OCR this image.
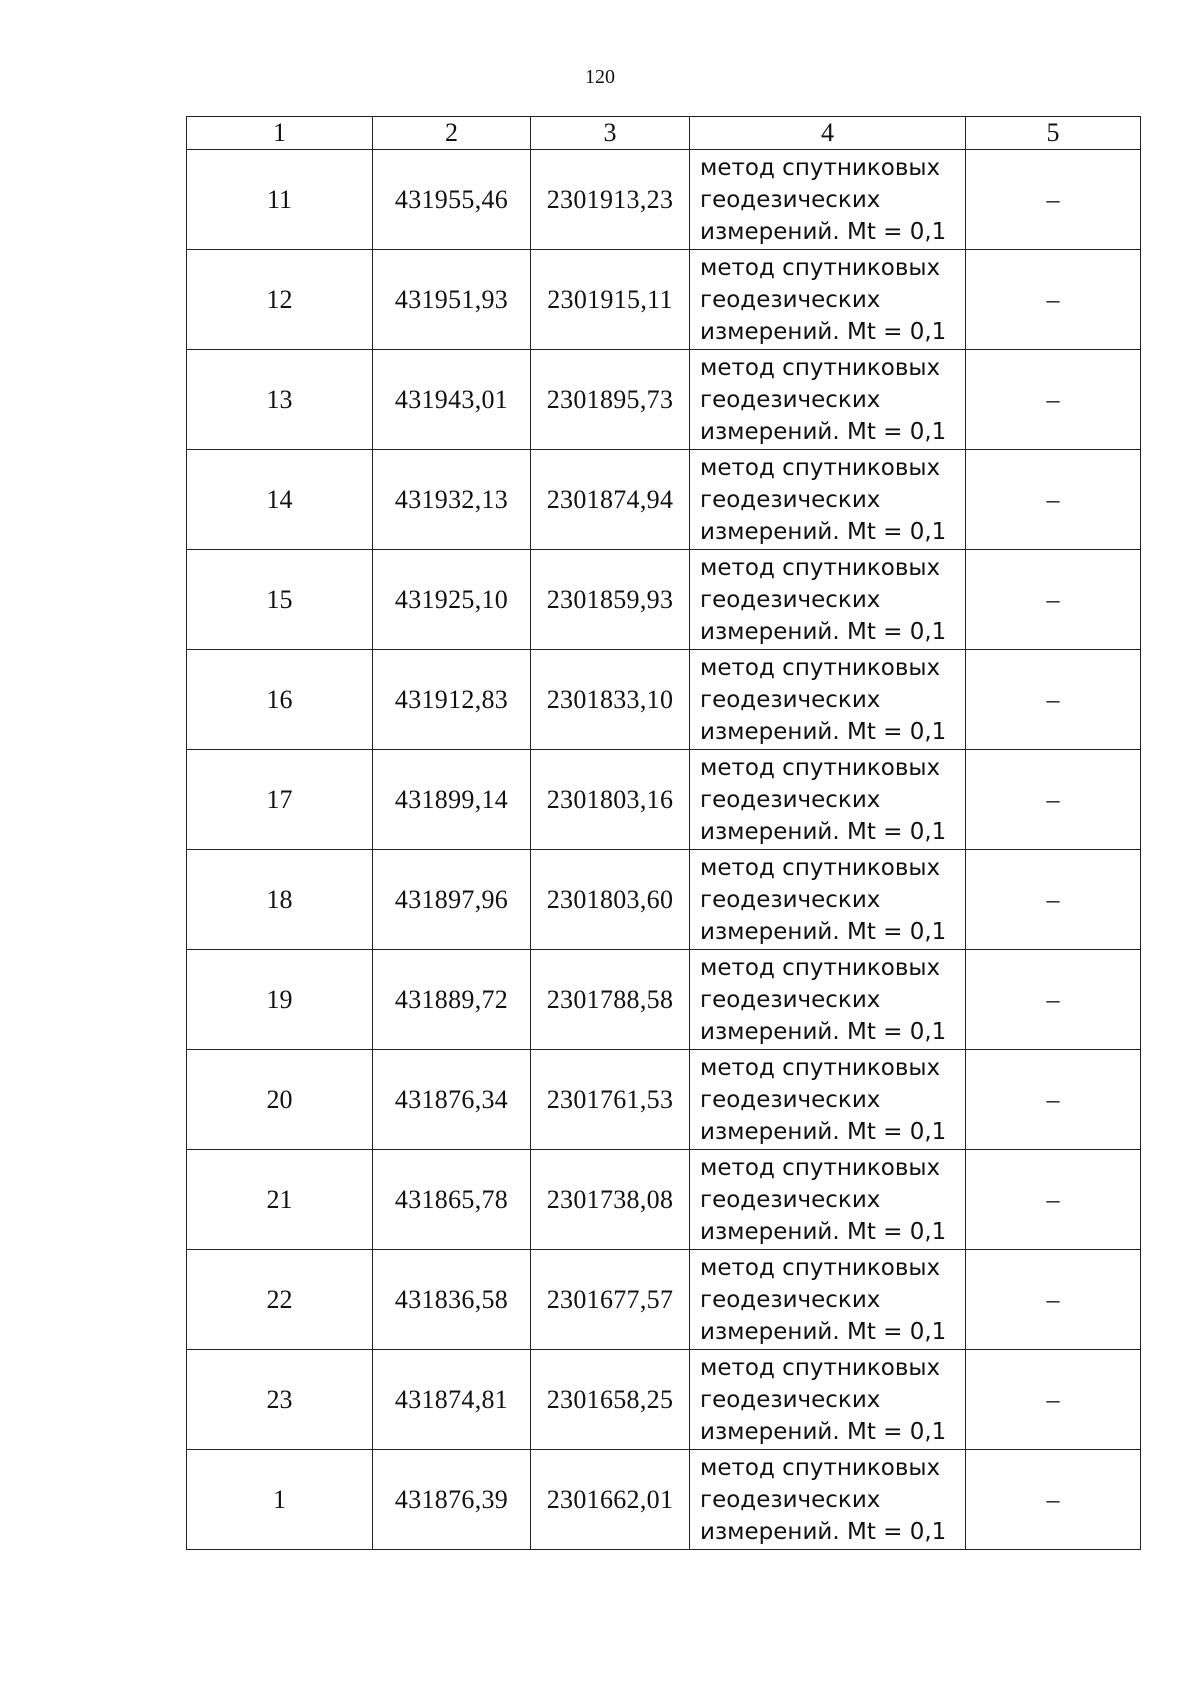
120
1	2	3	4	5
11	431955,46	2301913,23	метод спутниковых
геодезических
измерений. Mt = 0,1	–
12	431951,93	2301915,11	метод спутниковых
геодезических
измерений. Mt = 0,1	–
13	431943,01	2301895,73	метод спутниковых
геодезических
измерений. Mt = 0,1	–
14	431932,13	2301874,94	метод спутниковых
геодезических
измерений. Mt = 0,1	–
15	431925,10	2301859,93	метод спутниковых
геодезических
измерений. Mt = 0,1	–
16	431912,83	2301833,10	метод спутниковых
геодезических
измерений. Mt = 0,1	–
17	431899,14	2301803,16	метод спутниковых
геодезических
измерений. Mt = 0,1	–
18	431897,96	2301803,60	метод спутниковых
геодезических
измерений. Mt = 0,1	–
19	431889,72	2301788,58	метод спутниковых
геодезических
измерений. Mt = 0,1	–
20	431876,34	2301761,53	метод спутниковых
геодезических
измерений. Mt = 0,1	–
21	431865,78	2301738,08	метод спутниковых
геодезических
измерений. Mt = 0,1	–
22	431836,58	2301677,57	метод спутниковых
геодезических
измерений. Mt = 0,1	–
23	431874,81	2301658,25	метод спутниковых
геодезических
измерений. Mt = 0,1	–
1	431876,39	2301662,01	метод спутниковых
геодезических
измерений. Mt = 0,1	–
